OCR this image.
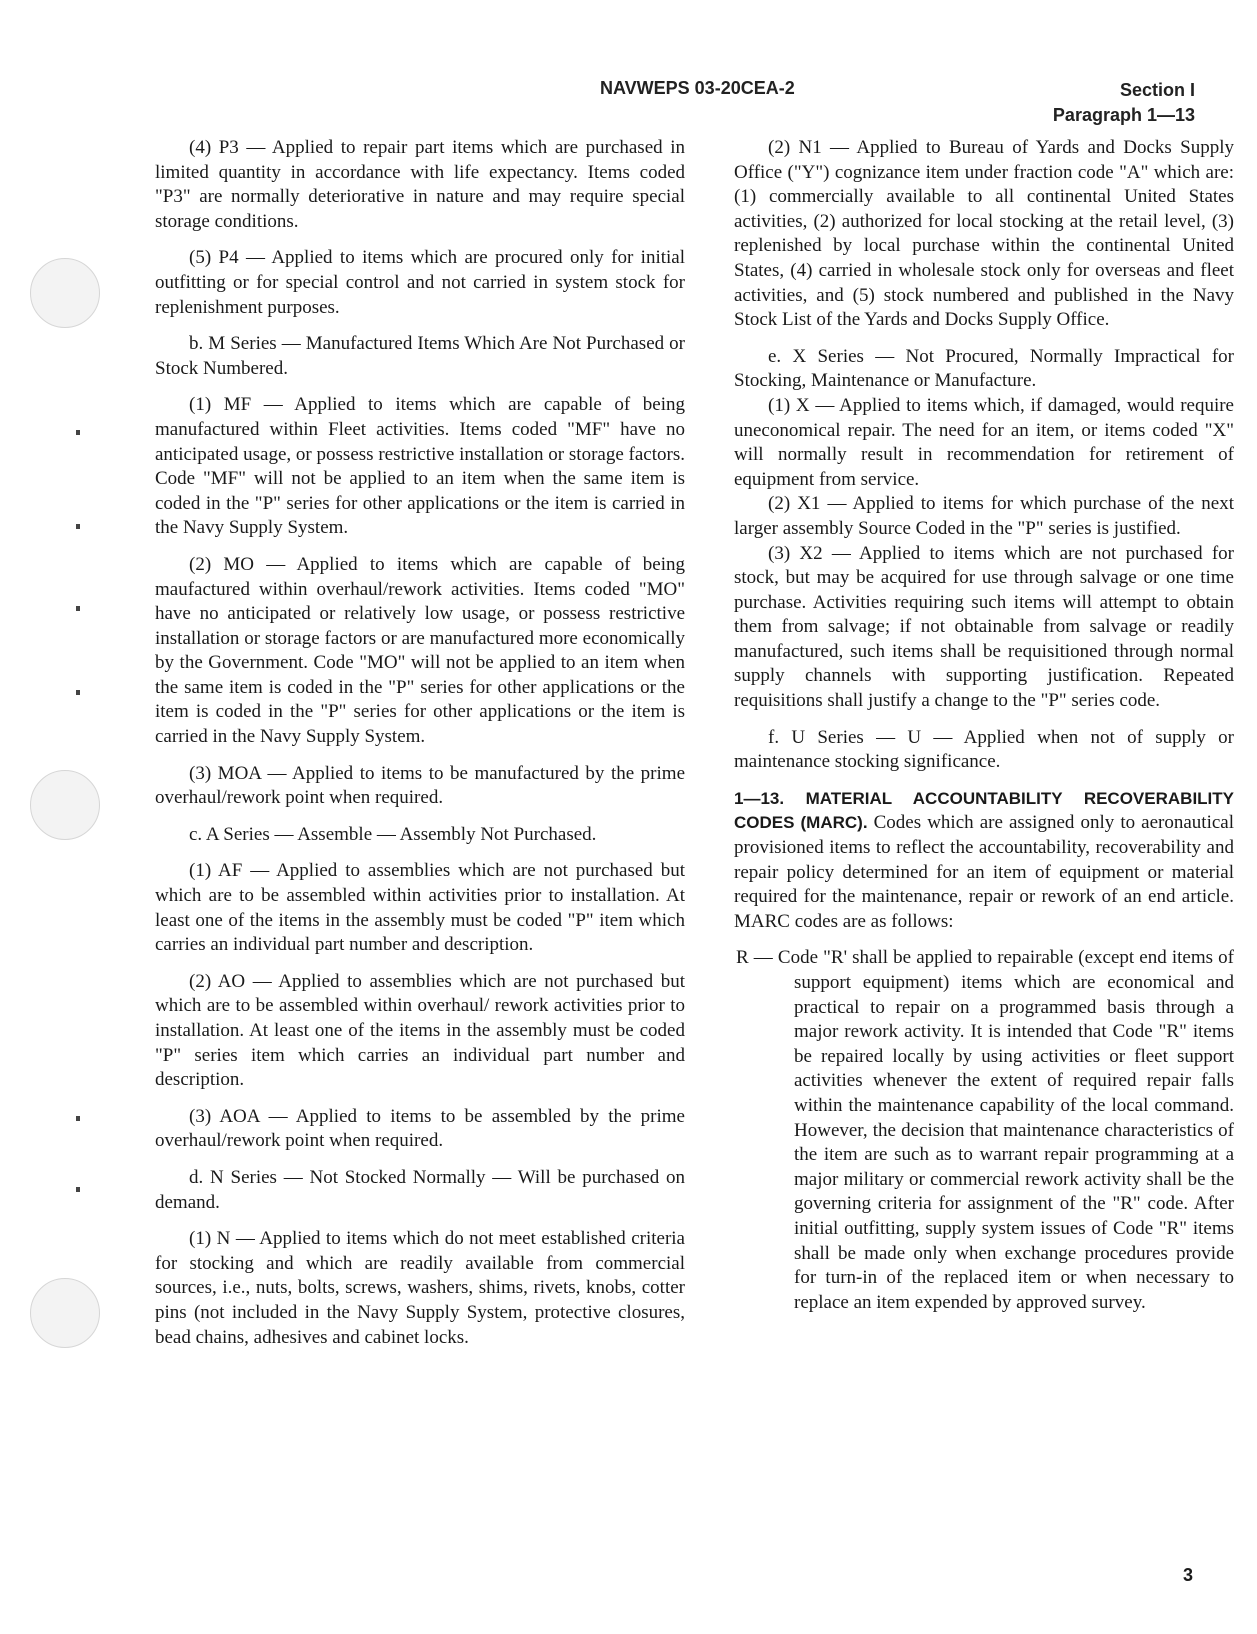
NAVWEPS 03-20CEA-2	Section I
Paragraph 1—13

(4) P3 — Applied to repair part items which are purchased in limited quantity in accordance with life expectancy. Items coded "P3" are normally deteriorative in nature and may require special storage conditions.

(5) P4 — Applied to items which are procured only for initial outfitting or for special control and not carried in system stock for replenishment purposes.

b. M Series — Manufactured Items Which Are Not Purchased or Stock Numbered.

(1) MF — Applied to items which are capable of being manufactured within Fleet activities. Items coded "MF" have no anticipated usage, or possess restrictive installation or storage factors. Code "MF" will not be applied to an item when the same item is coded in the "P" series for other applications or the item is carried in the Navy Supply System.

(2) MO — Applied to items which are capable of being maufactured within overhaul/rework activities. Items coded "MO" have no anticipated or relatively low usage, or possess restrictive installation or storage factors or are manufactured more economically by the Government. Code "MO" will not be applied to an item when the same item is coded in the "P" series for other applications or the item is coded in the "P" series for other applications or the item is carried in the Navy Supply System.

(3) MOA — Applied to items to be manufactured by the prime overhaul/rework point when required.

c. A Series — Assemble — Assembly Not Purchased.

(1) AF — Applied to assemblies which are not purchased but which are to be assembled within activities prior to installation. At least one of the items in the assembly must be coded "P" item which carries an individual part number and description.

(2) AO — Applied to assemblies which are not purchased but which are to be assembled within overhaul/ rework activities prior to installation. At least one of the items in the assembly must be coded "P" series item which carries an individual part number and description.

(3) AOA — Applied to items to be assembled by the prime overhaul/rework point when required.

d. N Series — Not Stocked Normally — Will be purchased on demand.

(1) N — Applied to items which do not meet established criteria for stocking and which are readily available from commercial sources, i.e., nuts, bolts, screws, washers, shims, rivets, knobs, cotter pins (not included in the Navy Supply System, protective closures, bead chains, adhesives and cabinet locks.

(2) N1 — Applied to Bureau of Yards and Docks Supply Office ("Y") cognizance item under fraction code "A" which are: (1) commercially available to all continental United States activities, (2) authorized for local stocking at the retail level, (3) replenished by local purchase within the continental United States, (4) carried in wholesale stock only for overseas and fleet activities, and (5) stock numbered and published in the Navy Stock List of the Yards and Docks Supply Office.

e. X Series — Not Procured, Normally Impractical for Stocking, Maintenance or Manufacture.

(1) X — Applied to items which, if damaged, would require uneconomical repair. The need for an item, or items coded "X" will normally result in recommendation for retirement of equipment from service.

(2) X1 — Applied to items for which purchase of the next larger assembly Source Coded in the "P" series is justified.

(3) X2 — Applied to items which are not purchased for stock, but may be acquired for use through salvage or one time purchase. Activities requiring such items will attempt to obtain them from salvage; if not obtainable from salvage or readily manufactured, such items shall be requisitioned through normal supply channels with supporting justification. Repeated requisitions shall justify a change to the "P" series code.

f. U Series — U — Applied when not of supply or maintenance stocking significance.

1—13. MATERIAL ACCOUNTABILITY RECOVERABILITY CODES (MARC). Codes which are assigned only to aeronautical provisioned items to reflect the accountability, recoverability and repair policy determined for an item of equipment or material required for the maintenance, repair or rework of an end article. MARC codes are as follows:

R — Code "R' shall be applied to repairable (except end items of support equipment) items which are economical and practical to repair on a programmed basis through a major rework activity. It is intended that Code "R" items be repaired locally by using activities or fleet support activities whenever the extent of required repair falls within the maintenance capability of the local command. However, the decision that maintenance characteristics of the item are such as to warrant repair programming at a major military or commercial rework activity shall be the governing criteria for assignment of the "R" code. After initial outfitting, supply system issues of Code "R" items shall be made only when exchange procedures provide for turn-in of the replaced item or when necessary to replace an item expended by approved survey.

3
